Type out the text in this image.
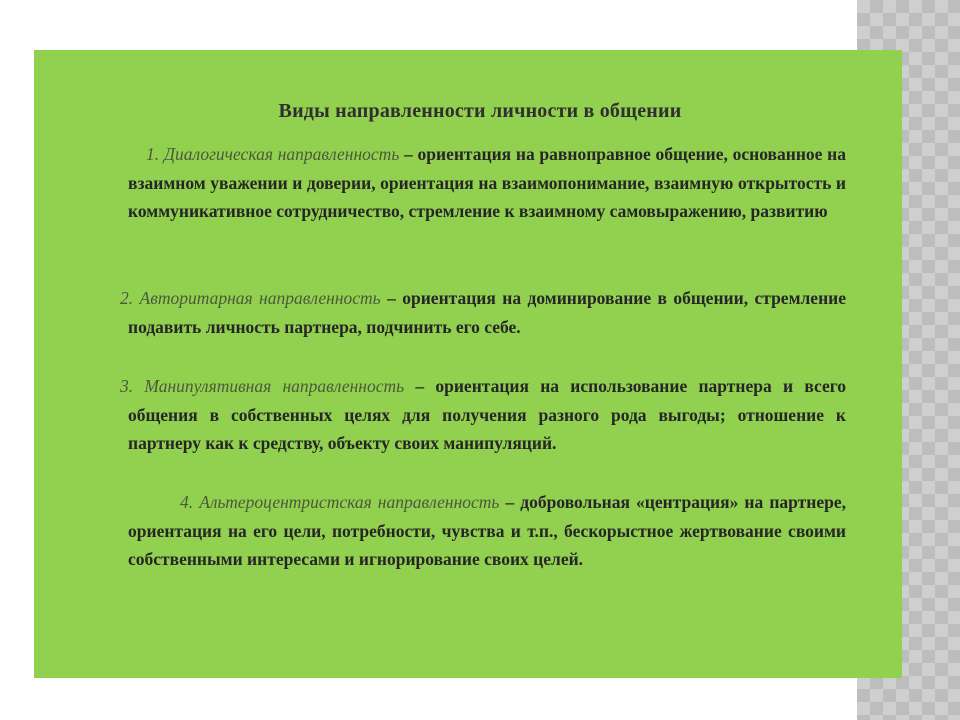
Виды направленности личности в общении

1. Диалогическая направленность – ориентация на равноправное общение, основанное на взаимном уважении и доверии, ориентация на взаимопонимание, взаимную открытость и коммуникативное сотрудничество, стремление к взаимному самовыражению, развитию

2. Авторитарная направленность – ориентация на доминирование в общении, стремление подавить личность партнера, подчинить его себе.

3. Манипулятивная направленность – ориентация на использование партнера и всего общения в собственных целях для получения разного рода выгоды; отношение к партнеру как к средству, объекту своих манипуляций.

4. Альтероцентристская направленность – добровольная «центрация» на партнере, ориентация на его цели, потребности, чувства и т.п., бескорыстное жертвование своими собственными интересами и игнорирование своих целей.
